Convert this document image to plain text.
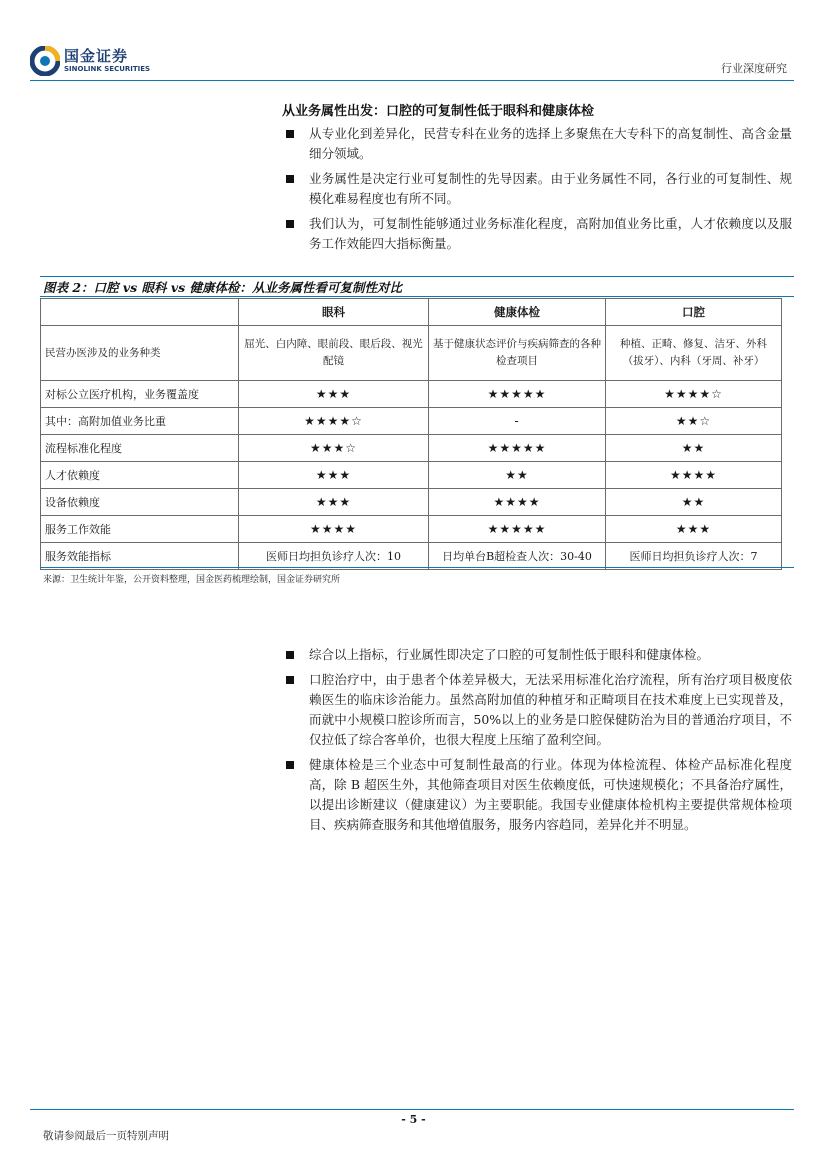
国金证券
SINOLINK SECURITIES	行业深度研究
从业务属性出发：口腔的可复制性低于眼科和健康体检
从专业化到差异化，民营专科在业务的选择上多聚焦在大专科下的高复制性、高含金量细分领域。
业务属性是决定行业可复制性的先导因素。由于业务属性不同，各行业的可复制性、规模化难易程度也有所不同。
我们认为，可复制性能够通过业务标准化程度，高附加值业务比重，人才依赖度以及服务工作效能四大指标衡量。
图表 2：口腔 vs 眼科 vs 健康体检：从业务属性看可复制性对比
	眼科	健康体检	口腔
民营办医涉及的业务种类	屈光、白内障、眼前段、眼后段、视光配镜	基于健康状态评价与疾病筛查的各种检查项目	种植、正畸、修复、洁牙、外科（拔牙）、内科（牙周、补牙）
对标公立医疗机构，业务覆盖度	★★★	★★★★★	★★★★☆
其中：高附加值业务比重	★★★★☆	-	★★☆
流程标准化程度	★★★☆	★★★★★	★★
人才依赖度	★★★	★★	★★★★
设备依赖度	★★★	★★★★	★★
服务工作效能	★★★★	★★★★★	★★★
服务效能指标	医师日均担负诊疗人次：10	日均单台B超检查人次：30-40	医师日均担负诊疗人次：7
来源：卫生统计年鉴，公开资料整理，国金医药梳理绘制，国金证券研究所
综合以上指标，行业属性即决定了口腔的可复制性低于眼科和健康体检。
口腔治疗中，由于患者个体差异极大，无法采用标准化治疗流程，所有治疗项目极度依赖医生的临床诊治能力。虽然高附加值的种植牙和正畸项目在技术难度上已实现普及，而就中小规模口腔诊所而言，50%以上的业务是口腔保健防治为目的普通治疗项目，不仅拉低了综合客单价，也很大程度上压缩了盈利空间。
健康体检是三个业态中可复制性最高的行业。体现为体检流程、体检产品标准化程度高，除 B 超医生外，其他筛查项目对医生依赖度低，可快速规模化；不具备治疗属性，以提出诊断建议（健康建议）为主要职能。我国专业健康体检机构主要提供常规体检项目、疾病筛查服务和其他增值服务，服务内容趋同，差异化并不明显。
- 5 -
敬请参阅最后一页特别声明
